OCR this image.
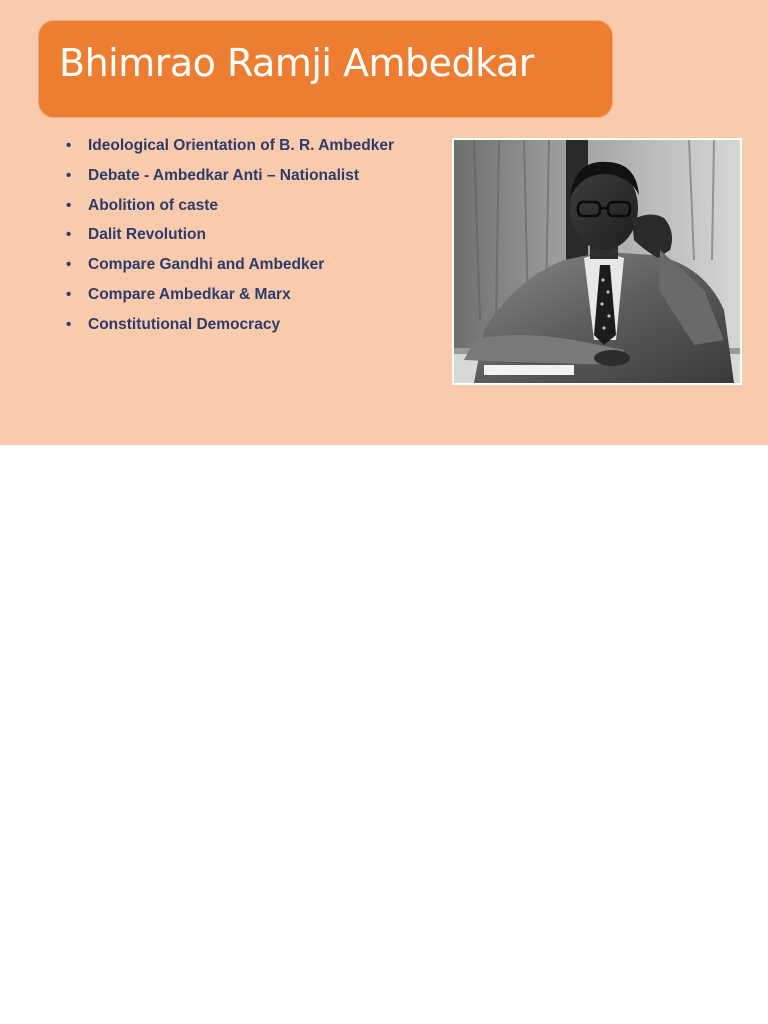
Bhimrao Ramji Ambedkar
• Ideological Orientation of B. R. Ambedker
• Debate - Ambedkar Anti – Nationalist
• Abolition of caste
• Dalit Revolution
• Compare Gandhi and Ambedker
• Compare Ambedkar & Marx
• Constitutional Democracy
